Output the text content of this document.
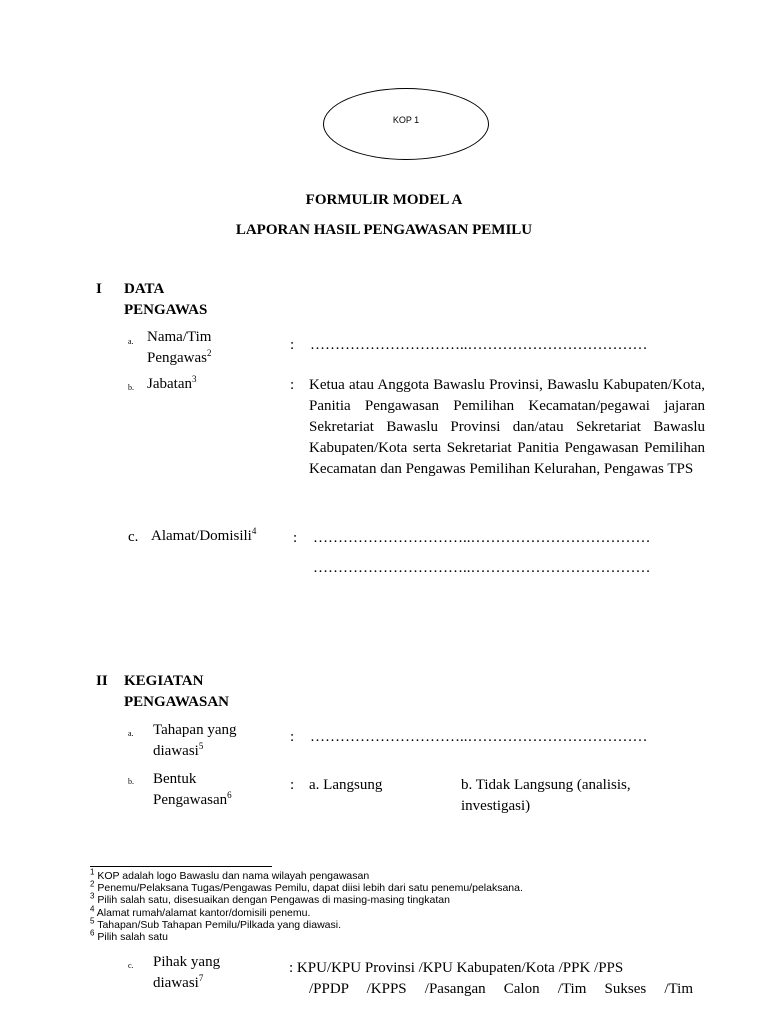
KOP 1
FORMULIR MODEL A
LAPORAN HASIL PENGAWASAN PEMILU
I DATA
PENGAWAS
a. Nama/Tim
Pengawas$^2$	: …………………………..………………………………
b. Jabatan$^3$	: Ketua atau Anggota Bawaslu Provinsi, Bawaslu Kabupaten/Kota, Panitia Pengawasan Pemilihan Kecamatan/pegawai jajaran Sekretariat Bawaslu Provinsi dan/atau Sekretariat Bawaslu Kabupaten/Kota serta Sekretariat Panitia Pengawasan Pemilihan Kecamatan dan Pengawas Pemilihan Kelurahan, Pengawas TPS
c. Alamat/Domisili$^4$ : …………………………..………………………………
…………………………..………………………………
II KEGIATAN
PENGAWASAN
a. Tahapan yang
diawasi$^5$
: …………………………..………………………………
b. Bentuk
Pengawasan$^6$
: a. Langsung	b. Tidak Langsung (analisis,
investigasi)
$^1$ KOP adalah logo Bawaslu dan nama wilayah pengawasan
$^2$ Penemu/Pelaksana Tugas/Pengawas Pemilu, dapat diisi lebih dari satu penemu/pelaksana.
$^3$ Pilih salah satu, disesuaikan dengan Pengawas di masing-masing tingkatan
$^4$ Alamat rumah/alamat kantor/domisili penemu.
$^5$ Tahapan/Sub Tahapan Pemilu/Pilkada yang diawasi.
$^6$ Pilih salah satu
c. Pihak yang
diawasi$^7$
: KPU/KPU Provinsi /KPU Kabupaten/Kota /PPK /PPS
/PPDP /KPPS /Pasangan Calon /Tim Sukses /Tim
